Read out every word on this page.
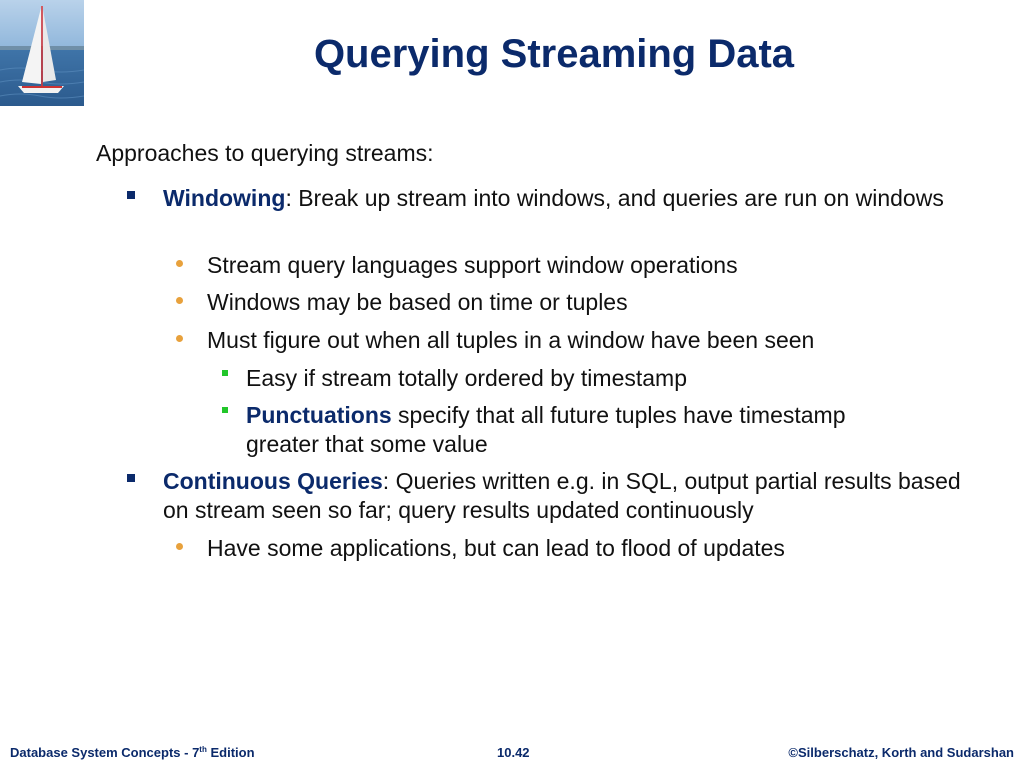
Querying Streaming Data
Approaches to querying streams:
Windowing: Break up stream into windows, and queries are run on windows
Stream query languages support window operations
Windows may be based on time or tuples
Must figure out when all tuples in a window have been seen
Easy if stream totally ordered by timestamp
Punctuations specify that all future tuples have timestamp greater that some value
Continuous Queries: Queries written e.g. in SQL, output partial results based on stream seen so far; query results updated continuously
Have some applications, but can lead to flood of updates
Database System Concepts - 7th Edition	10.42	©Silberschatz, Korth and Sudarshan
